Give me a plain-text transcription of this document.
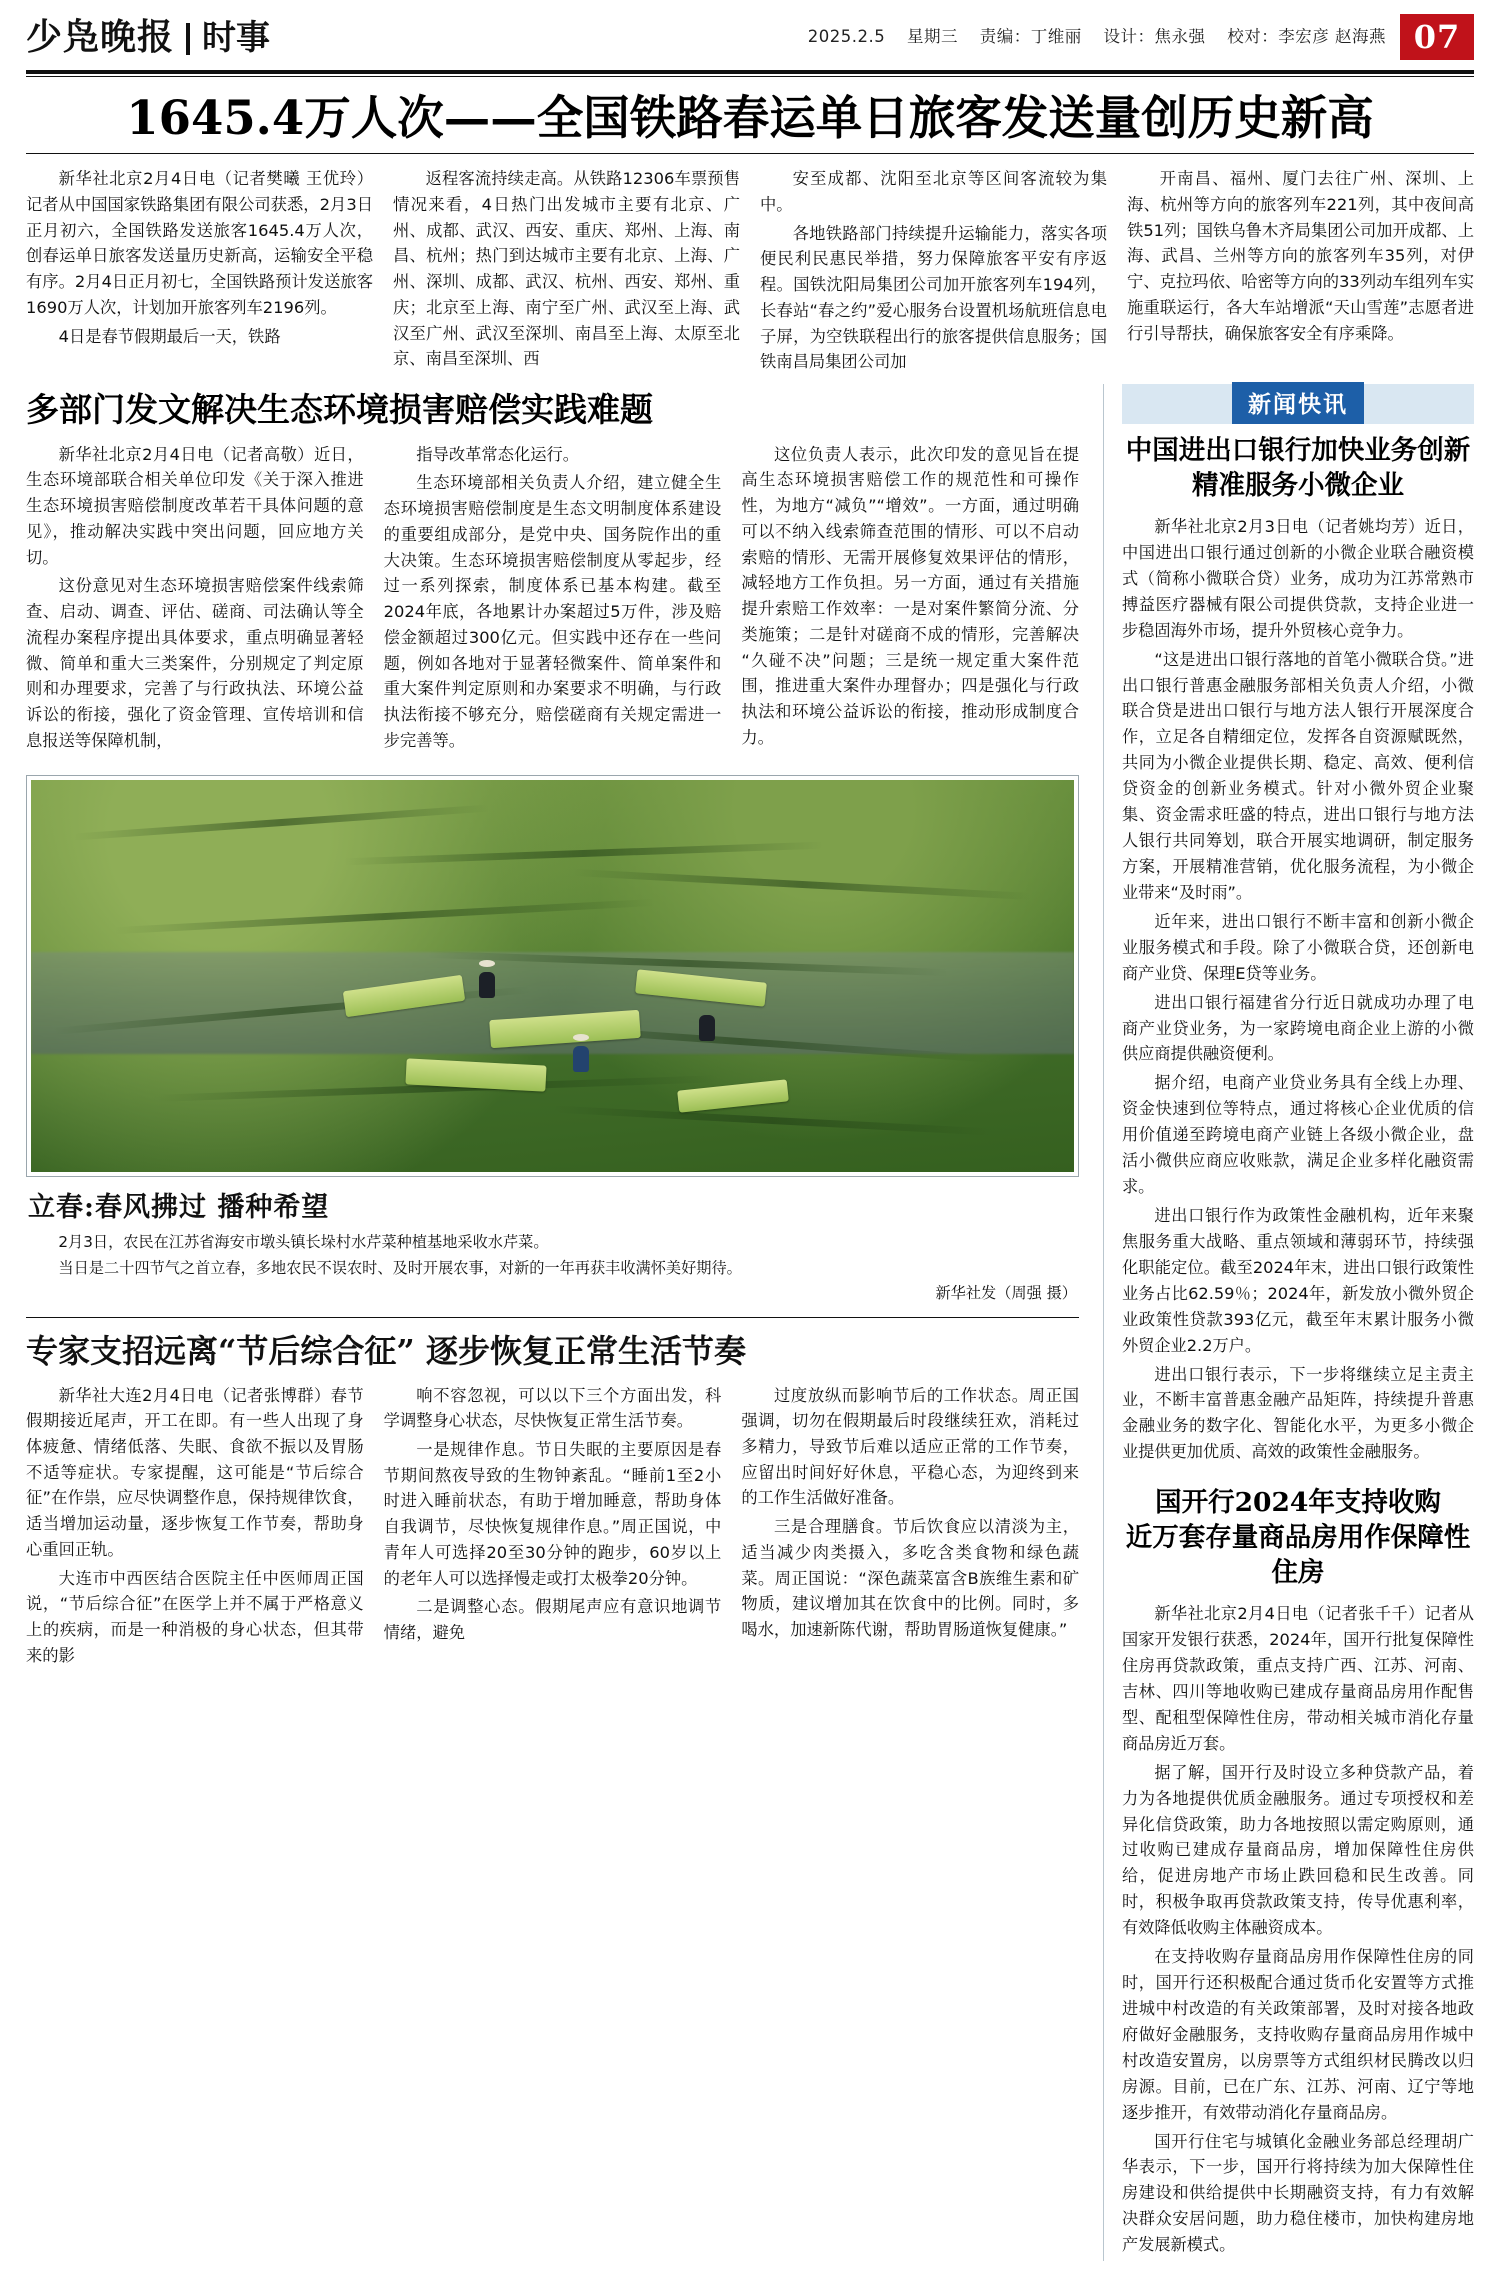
少凫晚报 时事	2025.2.5 星期三 责编：丁维丽 设计：焦永强 校对：李宏彦 赵海燕 07
1645.4万人次——全国铁路春运单日旅客发送量创历史新高

新华社北京2月4日电（记者樊曦 王优玲）记者从中国国家铁路集团有限公司获悉，2月3日正月初六，全国铁路发送旅客1645.4万人次，创春运单日旅客发送量历史新高，运输安全平稳有序。2月4日正月初七，全国铁路预计发送旅客1690万人次，计划加开旅客列车2196列。

4日是春节假期最后一天，铁路

返程客流持续走高。从铁路12306车票预售情况来看，4日热门出发城市主要有北京、广州、成都、武汉、西安、重庆、郑州、上海、南昌、杭州；热门到达城市主要有北京、上海、广州、深圳、成都、武汉、杭州、西安、郑州、重庆；北京至上海、南宁至广州、武汉至上海、武汉至广州、武汉至深圳、南昌至上海、太原至北京、南昌至深圳、西

安至成都、沈阳至北京等区间客流较为集中。

各地铁路部门持续提升运输能力，落实各项便民利民惠民举措，努力保障旅客平安有序返程。国铁沈阳局集团公司加开旅客列车194列，长春站“春之约”爱心服务台设置机场航班信息电子屏，为空铁联程出行的旅客提供信息服务；国铁南昌局集团公司加

开南昌、福州、厦门去往广州、深圳、上海、杭州等方向的旅客列车221列，其中夜间高铁51列；国铁乌鲁木齐局集团公司加开成都、上海、武昌、兰州等方向的旅客列车35列，对伊宁、克拉玛依、哈密等方向的33列动车组列车实施重联运行，各大车站增派“天山雪莲”志愿者进行引导帮扶，确保旅客安全有序乘降。

多部门发文解决生态环境损害赔偿实践难题

新华社北京2月4日电（记者高敬）近日，生态环境部联合相关单位印发《关于深入推进生态环境损害赔偿制度改革若干具体问题的意见》，推动解决实践中突出问题，回应地方关切。

这份意见对生态环境损害赔偿案件线索筛查、启动、调查、评估、磋商、司法确认等全流程办案程序提出具体要求，重点明确显著轻微、简单和重大三类案件，分别规定了判定原则和办理要求，完善了与行政执法、环境公益诉讼的衔接，强化了资金管理、宣传培训和信息报送等保障机制，

指导改革常态化运行。

生态环境部相关负责人介绍，建立健全生态环境损害赔偿制度是生态文明制度体系建设的重要组成部分，是党中央、国务院作出的重大决策。生态环境损害赔偿制度从零起步，经过一系列探索，制度体系已基本构建。截至2024年底，各地累计办案超过5万件，涉及赔偿金额超过300亿元。但实践中还存在一些问题，例如各地对于显著轻微案件、简单案件和重大案件判定原则和办案要求不明确，与行政执法衔接不够充分，赔偿磋商有关规定需进一步完善等。

这位负责人表示，此次印发的意见旨在提高生态环境损害赔偿工作的规范性和可操作性，为地方“减负”“增效”。一方面，通过明确可以不纳入线索筛查范围的情形、可以不启动索赔的情形、无需开展修复效果评估的情形，减轻地方工作负担。另一方面，通过有关措施提升索赔工作效率：一是对案件繁简分流、分类施策；二是针对磋商不成的情形，完善解决“久碰不决”问题；三是统一规定重大案件范围，推进重大案件办理督办；四是强化与行政执法和环境公益诉讼的衔接，推动形成制度合力。

立春:春风拂过 播种希望

2月3日，农民在江苏省海安市墩头镇长垛村水芹菜种植基地采收水芹菜。

当日是二十四节气之首立春，多地农民不误农时、及时开展农事，对新的一年再获丰收满怀美好期待。

新华社发（周强 摄）
专家支招远离“节后综合征” 逐步恢复正常生活节奏

新华社大连2月4日电（记者张博群）春节假期接近尾声，开工在即。有一些人出现了身体疲惫、情绪低落、失眠、食欲不振以及胃肠不适等症状。专家提醒，这可能是“节后综合征”在作祟，应尽快调整作息，保持规律饮食，适当增加运动量，逐步恢复工作节奏，帮助身心重回正轨。

大连市中西医结合医院主任中医师周正国说，“节后综合征”在医学上并不属于严格意义上的疾病，而是一种消极的身心状态，但其带来的影

响不容忽视，可以以下三个方面出发，科学调整身心状态，尽快恢复正常生活节奏。

一是规律作息。节日失眠的主要原因是春节期间熬夜导致的生物钟紊乱。“睡前1至2小时进入睡前状态，有助于增加睡意，帮助身体自我调节，尽快恢复规律作息。”周正国说，中青年人可选择20至30分钟的跑步，60岁以上的老年人可以选择慢走或打太极拳20分钟。

二是调整心态。假期尾声应有意识地调节情绪，避免

过度放纵而影响节后的工作状态。周正国强调，切勿在假期最后时段继续狂欢，消耗过多精力，导致节后难以适应正常的工作节奏，应留出时间好好休息，平稳心态，为迎终到来的工作生活做好准备。

三是合理膳食。节后饮食应以清淡为主，适当减少肉类摄入，多吃含类食物和绿色蔬菜。周正国说：“深色蔬菜富含B族维生素和矿物质，建议增加其在饮食中的比例。同时，多喝水，加速新陈代谢，帮助胃肠道恢复健康。”

新闻快讯
中国进出口银行加快业务创新
精准服务小微企业

新华社北京2月3日电（记者姚均芳）近日，中国进出口银行通过创新的小微企业联合融资模式（简称小微联合贷）业务，成功为江苏常熟市搏益医疗器械有限公司提供贷款，支持企业进一步稳固海外市场，提升外贸核心竞争力。

“这是进出口银行落地的首笔小微联合贷。”进出口银行普惠金融服务部相关负责人介绍，小微联合贷是进出口银行与地方法人银行开展深度合作，立足各自精细定位，发挥各自资源赋既然，共同为小微企业提供长期、稳定、高效、便利信贷资金的创新业务模式。针对小微外贸企业聚集、资金需求旺盛的特点，进出口银行与地方法人银行共同筹划，联合开展实地调研，制定服务方案，开展精准营销，优化服务流程，为小微企业带来“及时雨”。

近年来，进出口银行不断丰富和创新小微企业服务模式和手段。除了小微联合贷，还创新电商产业贷、保理E贷等业务。

进出口银行福建省分行近日就成功办理了电商产业贷业务，为一家跨境电商企业上游的小微供应商提供融资便利。

据介绍，电商产业贷业务具有全线上办理、资金快速到位等特点，通过将核心企业优质的信用价值递至跨境电商产业链上各级小微企业，盘活小微供应商应收账款，满足企业多样化融资需求。

进出口银行作为政策性金融机构，近年来聚焦服务重大战略、重点领域和薄弱环节，持续强化职能定位。截至2024年末，进出口银行政策性业务占比62.59％；2024年，新发放小微外贸企业政策性贷款393亿元，截至年末累计服务小微外贸企业2.2万户。

进出口银行表示，下一步将继续立足主责主业，不断丰富普惠金融产品矩阵，持续提升普惠金融业务的数字化、智能化水平，为更多小微企业提供更加优质、高效的政策性金融服务。

国开行2024年支持收购
近万套存量商品房用作保障性住房

新华社北京2月4日电（记者张千千）记者从国家开发银行获悉，2024年，国开行批复保障性住房再贷款政策，重点支持广西、江苏、河南、吉林、四川等地收购已建成存量商品房用作配售型、配租型保障性住房，带动相关城市消化存量商品房近万套。

据了解，国开行及时设立多种贷款产品，着力为各地提供优质金融服务。通过专项授权和差异化信贷政策，助力各地按照以需定购原则，通过收购已建成存量商品房，增加保障性住房供给，促进房地产市场止跌回稳和民生改善。同时，积极争取再贷款政策支持，传导优惠利率，有效降低收购主体融资成本。

在支持收购存量商品房用作保障性住房的同时，国开行还积极配合通过货币化安置等方式推进城中村改造的有关政策部署，及时对接各地政府做好金融服务，支持收购存量商品房用作城中村改造安置房，以房票等方式组织材民腾改以归房源。目前，已在广东、江苏、河南、辽宁等地逐步推开，有效带动消化存量商品房。

国开行住宅与城镇化金融业务部总经理胡广华表示，下一步，国开行将持续为加大保障性住房建设和供给提供中长期融资支持，有力有效解决群众安居问题，助力稳住楼市，加快构建房地产发展新模式。
